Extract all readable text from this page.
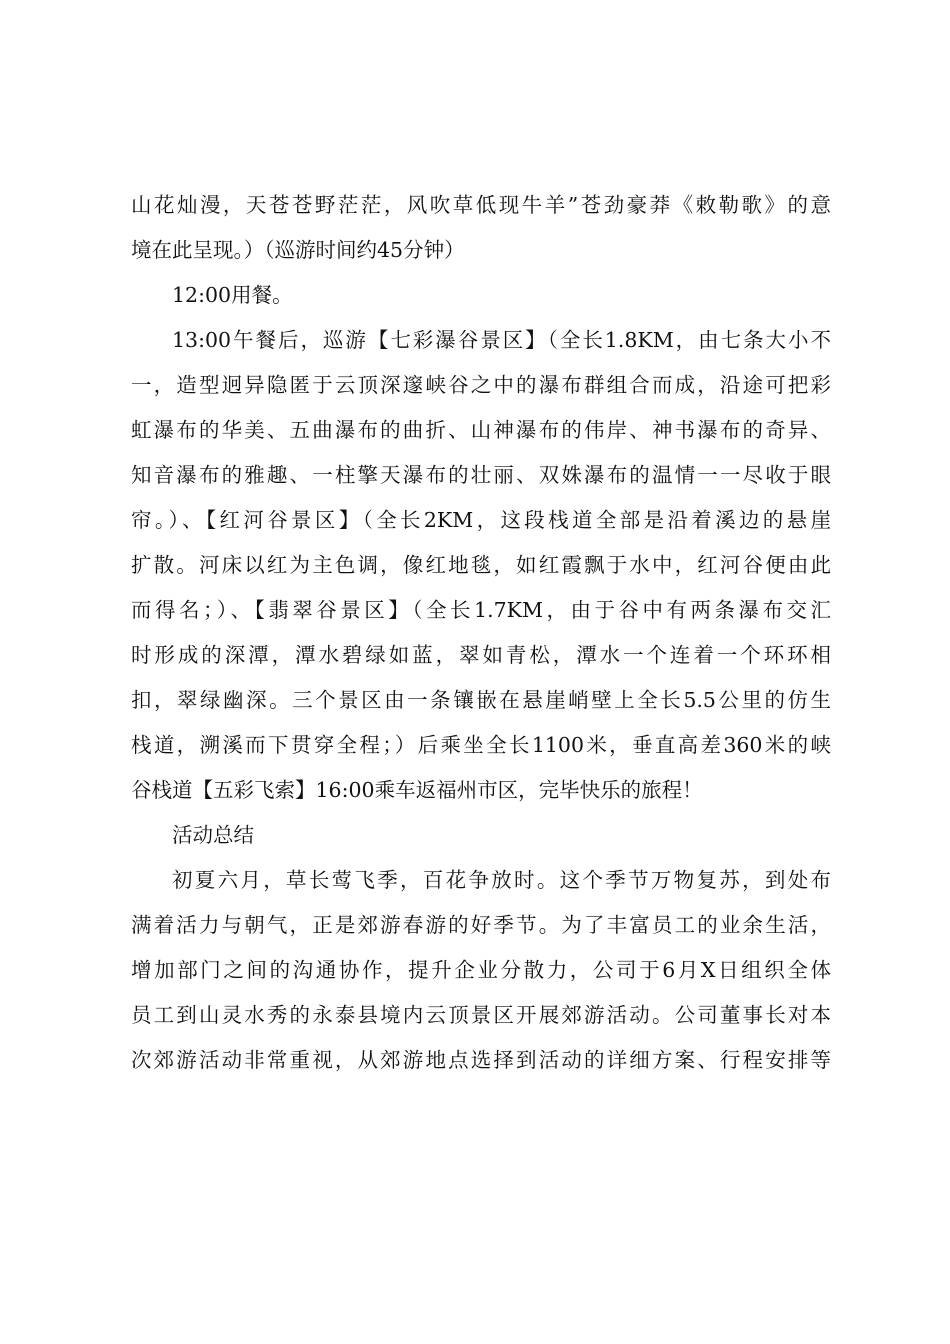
山花灿漫，天苍苍野茫茫，风吹草低现牛羊”苍劲豪莽《敕勒歌》的意
境在此呈现。）（巡游时间约45分钟）
12:00用餐。
13:00午餐后，巡游【七彩瀑谷景区】（全长1.8KM，由七条大小不
一，造型迥异隐匿于云顶深邃峡谷之中的瀑布群组合而成，沿途可把彩
虹瀑布的华美、五曲瀑布的曲折、山神瀑布的伟岸、神书瀑布的奇异、
知音瀑布的雅趣、一柱擎天瀑布的壮丽、双姝瀑布的温情一一尽收于眼
帘。）、【红河谷景区】（全长2KM，这段栈道全部是沿着溪边的悬崖
扩散。河床以红为主色调，像红地毯，如红霞飘于水中，红河谷便由此
而得名；）、【翡翠谷景区】（全长1.7KM，由于谷中有两条瀑布交汇
时形成的深潭，潭水碧绿如蓝，翠如青松，潭水一个连着一个环环相
扣，翠绿幽深。三个景区由一条镶嵌在悬崖峭壁上全长5.5公里的仿生
栈道，溯溪而下贯穿全程；）后乘坐全长1100米，垂直高差360米的峡
谷栈道【五彩飞索】16:00乘车返福州市区，完毕快乐的旅程！
活动总结
初夏六月，草长莺飞季，百花争放时。这个季节万物复苏，到处布
满着活力与朝气，正是郊游春游的好季节。为了丰富员工的业余生活，
增加部门之间的沟通协作，提升企业分散力，公司于6月X日组织全体
员工到山灵水秀的永泰县境内云顶景区开展郊游活动。公司董事长对本
次郊游活动非常重视，从郊游地点选择到活动的详细方案、行程安排等
